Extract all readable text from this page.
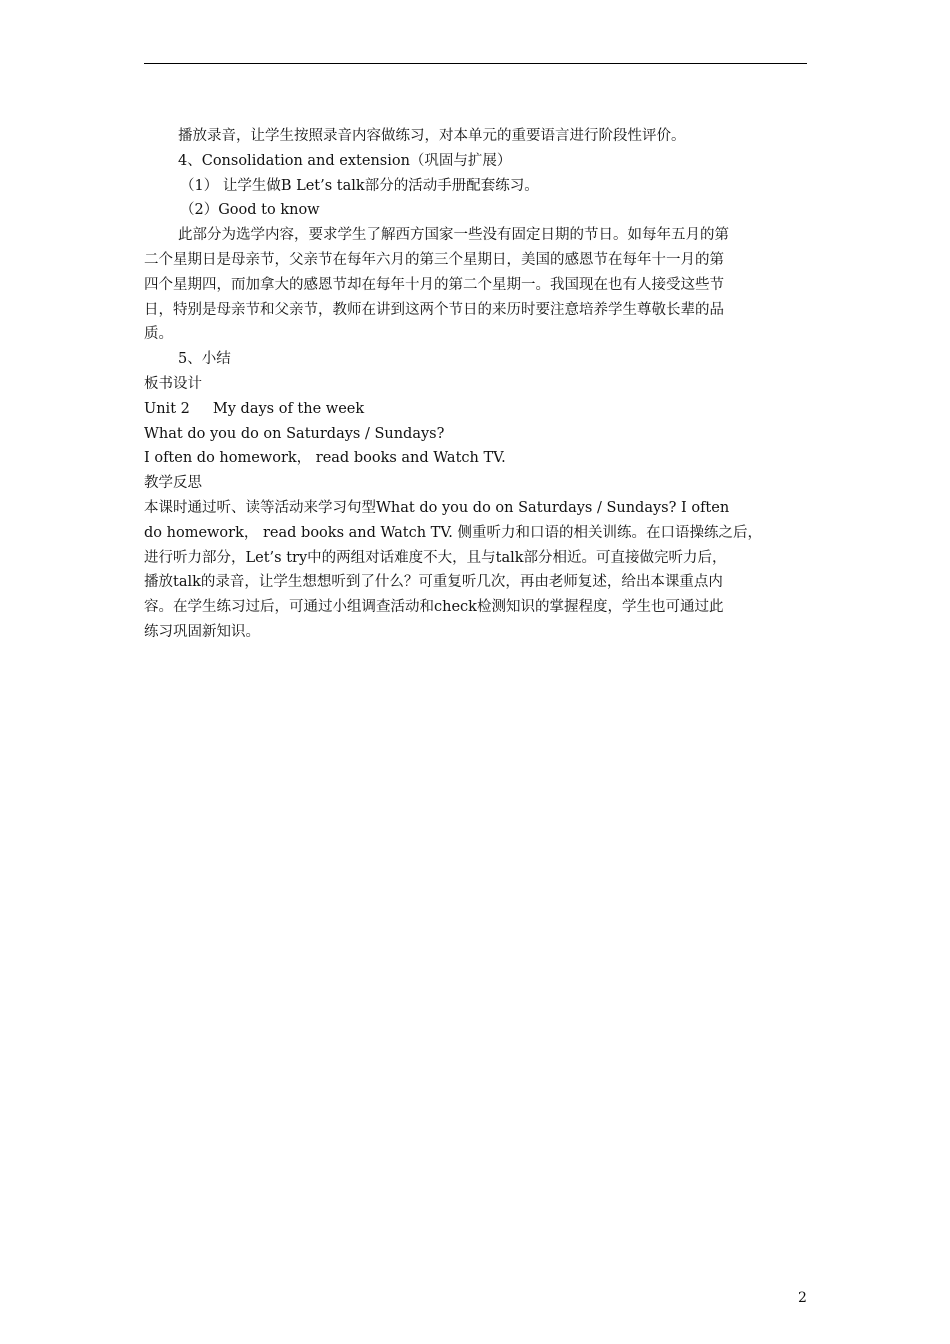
播放录音，让学生按照录音内容做练习，对本单元的重要语言进行阶段性评价。
4、Consolidation and extension（巩固与扩展）
（1） 让学生做B Let’s talk部分的活动手册配套练习。
（2）Good to know
此部分为选学内容，要求学生了解西方国家一些没有固定日期的节日。如每年五月的第
二个星期日是母亲节，父亲节在每年六月的第三个星期日，美国的感恩节在每年十一月的第
四个星期四，而加拿大的感恩节却在每年十月的第二个星期一。我国现在也有人接受这些节
日，特别是母亲节和父亲节，教师在讲到这两个节日的来历时要注意培养学生尊敬长辈的品
质。
5、小结
板书设计
Unit 2     My days of the week
What do you do on Saturdays / Sundays?
I often do homework， read books and Watch TV.
教学反思
本课时通过听、读等活动来学习句型What do you do on Saturdays / Sundays? I often
do homework， read books and Watch TV. 侧重听力和口语的相关训练。在口语操练之后，
进行听力部分，Let’s try中的两组对话难度不大，且与talk部分相近。可直接做完听力后，
播放talk的录音，让学生想想听到了什么？可重复听几次，再由老师复述，给出本课重点内
容。在学生练习过后，可通过小组调查活动和check检测知识的掌握程度，学生也可通过此
练习巩固新知识。
2
